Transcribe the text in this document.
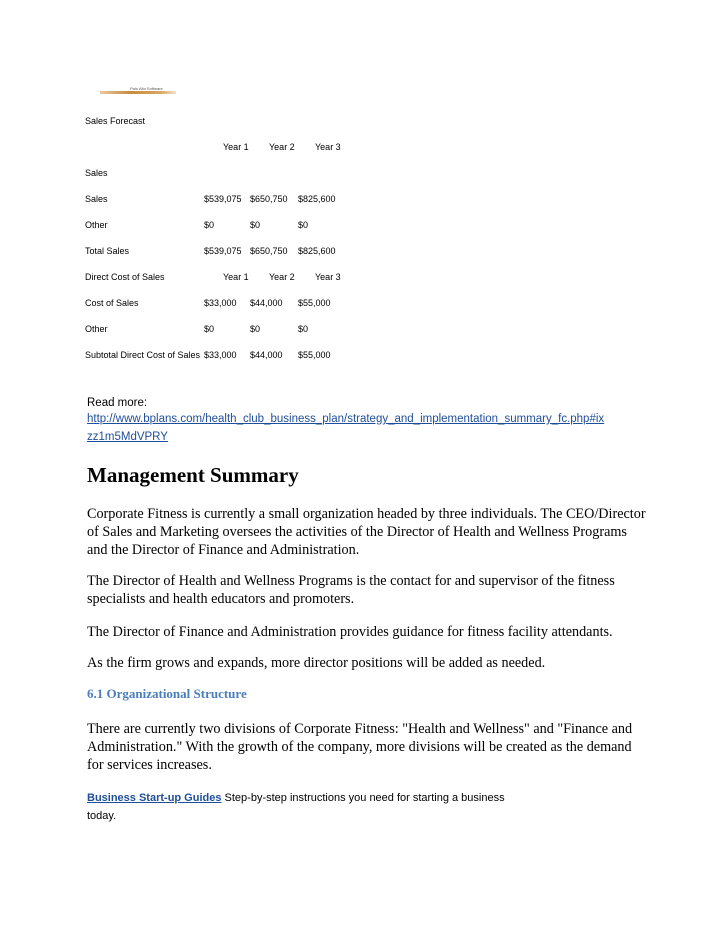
Palo Alto Software
Sales Forecast
Year 1 Year 2 Year 3
Sales
Sales	$539,075 $650,750 $825,600
Other	$0	$0	$0
Total Sales	$539,075 $650,750 $825,600
Direct Cost of Sales	Year 1 Year 2 Year 3
Cost of Sales	$33,000 $44,000 $55,000
Other	$0	$0	$0
Subtotal Direct Cost of Sales $33,000 $44,000 $55,000
Read more:
http://www.bplans.com/health_club_business_plan/strategy_and_implementation_summary_fc.php#ix
zz1m5MdVPRY
Management Summary

Corporate Fitness is currently a small organization headed by three individuals. The CEO/Director of Sales and Marketing oversees the activities of the Director of Health and Wellness Programs and the Director of Finance and Administration.

The Director of Health and Wellness Programs is the contact for and supervisor of the fitness specialists and health educators and promoters.

The Director of Finance and Administration provides guidance for fitness facility attendants.

As the firm grows and expands, more director positions will be added as needed.

6.1 Organizational Structure

There are currently two divisions of Corporate Fitness: "Health and Wellness" and "Finance and Administration." With the growth of the company, more divisions will be created as the demand for services increases.

Business Start-up Guides Step-by-step instructions you need for starting a business today.
